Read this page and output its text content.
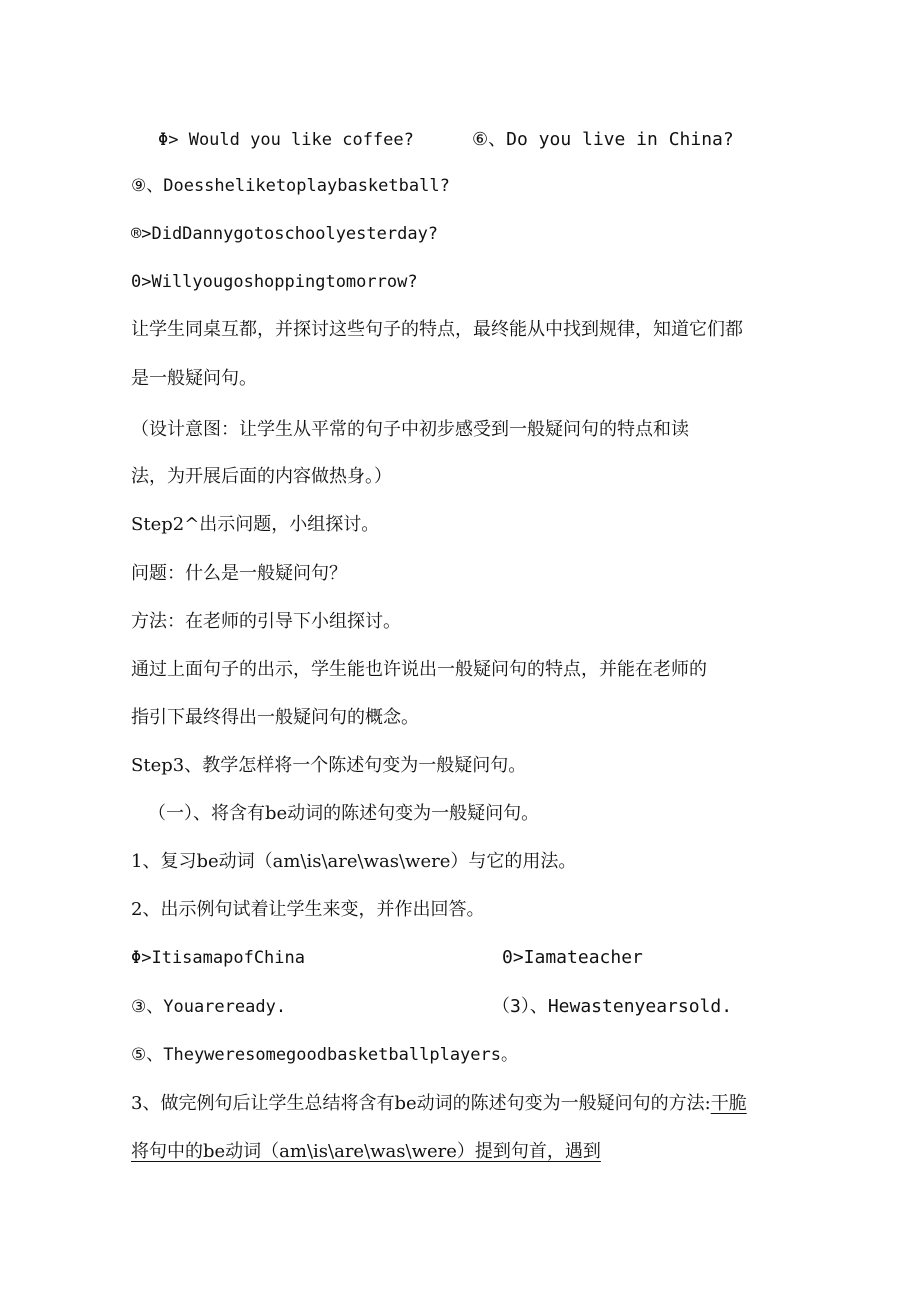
Φ> Would you like coffee?	⑥、Do you live in China?
⑨、Doessheliketoplaybasketball?
®>DidDannygotoschoolyesterday?
0>Willyougoshoppingtomorrow?
让学生同桌互都，并探讨这些句子的特点，最终能从中找到规律，知道它们都
是一般疑问句。
（设计意图：让学生从平常的句子中初步感受到一般疑问句的特点和读
法，为开展后面的内容做热身。）
Step2^出示问题，小组探讨。
问题：什么是一般疑问句？
方法：在老师的引导下小组探讨。
通过上面句子的出示，学生能也许说出一般疑问句的特点，并能在老师的
指引下最终得出一般疑问句的概念。
Step3、教学怎样将一个陈述句变为一般疑问句。
（一）、将含有be动词的陈述句变为一般疑问句。
1、复习be动词（am\is\are\was\were）与它的用法。
2、出示例句试着让学生来变，并作出回答。
Φ>ItisamapofChina	0>Iamateacher
③、Youareready.	（3）、Hewastenyearsold.
⑤、Theyweresomegoodbasketballplayers。
3、做完例句后让学生总结将含有be动词的陈述句变为一般疑问句的方法:干脆
将句中的be动词（am\is\are\was\were）提到句首，遇到
